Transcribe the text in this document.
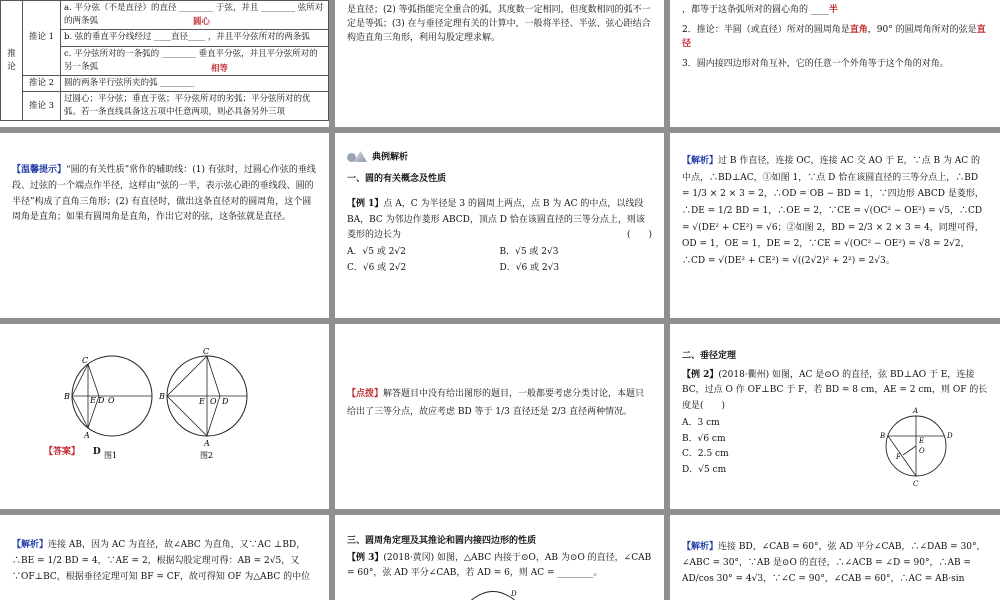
推论	推论 1	a. 平分弦（不是直径）的直径 ________ 于弦，并且 ________ 弦所对的两条弧 圆心

		b. 弦的垂直平分线经过 ____直径____ ，并且平分弦所对的两条弧
		c. 平分弦所对的一条弧的 ________ 垂直平分弦，并且平分弦所对的另一条弧 相等

	推论 2	圆的两条平行弦所夹的弧 ________
	推论 3	过圆心；平分弦；垂直于弦；平分弦所对的劣弧；平分弦所对的优弧。若一条直线具备这五项中任意两项，则必具备另外三项
是直径；(2) 等弧指能完全重合的弧，其度数一定相同，但度数相同的弧不一定是等弧；(3) 在与垂径定理有关的计算中，一般将半径、半弦、弦心距结合构造直角三角形，利用勾股定理求解。
，都等于这条弧所对的圆心角的 ____半
2．推论：半圆（或直径）所对的圆周角是直角，90° 的圆周角所对的弦是直径
3．圆内接四边形对角互补，它的任意一个外角等于这个角的对角。
【温馨提示】“圆的有关性质”常作的辅助线：(1) 有弦时，过圆心作弦的垂线段、过弦的一个端点作半径，这样由“弦的一半，表示弦心距的垂线段、圆的半径”构成了直角三角形；(2) 有直径时，做出这条直径对的圆周角，这个圆周角是直角；如果有圆周角是直角，作出它对的弦，这条弦就是直径。
典例解析
一、圆的有关概念及性质
【例 1】点 A，C 为半径是 3 的圆周上两点，点 B 为 AC 的中点，以线段 BA，BC 为邻边作菱形 ABCD，顶点 D 恰在该圆直径的三等分点上，则该菱形的边长为	(　　)
A．√5 或 2√2	B．√5 或 2√3
C．√6 或 2√2	D．√6 或 2√3
【解析】过 B 作直径，连接 OC，连接 AC 交 AO 于 E，∵点 B 为 AC 的中点，∴BD⊥AC，①如图 1，∵点 D 恰在该圆直径的三等分点上，∴BD = 1/3 × 2 × 3 = 2，∴OD = OB − BD = 1，∵四边形 ABCD 是菱形，∴DE = 1/2 BD = 1，∴OE = 2，∵CE = √(OC² − OE²) = √5，∴CD = √(DE² + CE²) = √6；②如图 2，BD = 2/3 × 2 × 3 = 4，同理可得，OD = 1，OE = 1，DE = 2，∵CE = √(OC² − OE²) = √8 = 2√2，∴CD = √(DE² + CE²) = √((2√2)² + 2²) = 2√3。
C
B	E D O
A
图1
C
B
E O D
A
图2
【答案】 D
【点拨】解答题目中没有给出图形的题目，一般都要考虑分类讨论，本题只给出了三等分点，故应考虑 BD 等于 1/3 直径还是 2/3 直径两种情况。
二、垂径定理
【例 2】(2018·衢州) 如图，AC 是⊙O 的直径，弦 BD⊥AO 于 E，连接 BC，过点 O 作 OF⊥BC 于 F，若 BD = 8 cm，AE = 2 cm，则 OF 的长度是(　　)
A．3 cm
B．√6 cm
C．2.5 cm
D．√5 cm
A
B	D
E
O
F
C
【解析】连接 AB，因为 AC 为直径，故∠ABC 为直角，又∵AC ⊥BD，∴BE = 1/2 BD = 4，∵AE = 2，根据勾股定理可得：AB = 2√5，又∵OF⊥BC，根据垂径定理可知 BF = CF，故可得知 OF 为△ABC 的中位
三、圆周角定理及其推论和圆内接四边形的性质
【例 3】(2018·黄冈) 如图，△ABC 内接于⊙O，AB 为⊙O 的直径，∠CAB = 60°，弦 AD 平分∠CAB，若 AD = 6，则 AC = ________。
D
【解析】连接 BD，∠CAB = 60°，弦 AD 平分∠CAB，∴∠DAB = 30°，∠ABC = 30°，∵AB 是⊙O 的直径，∴∠ACB = ∠D = 90°，∴AB = AD/cos 30° = 4√3，∵∠C = 90°，∠CAB = 60°，∴AC = AB·sin
